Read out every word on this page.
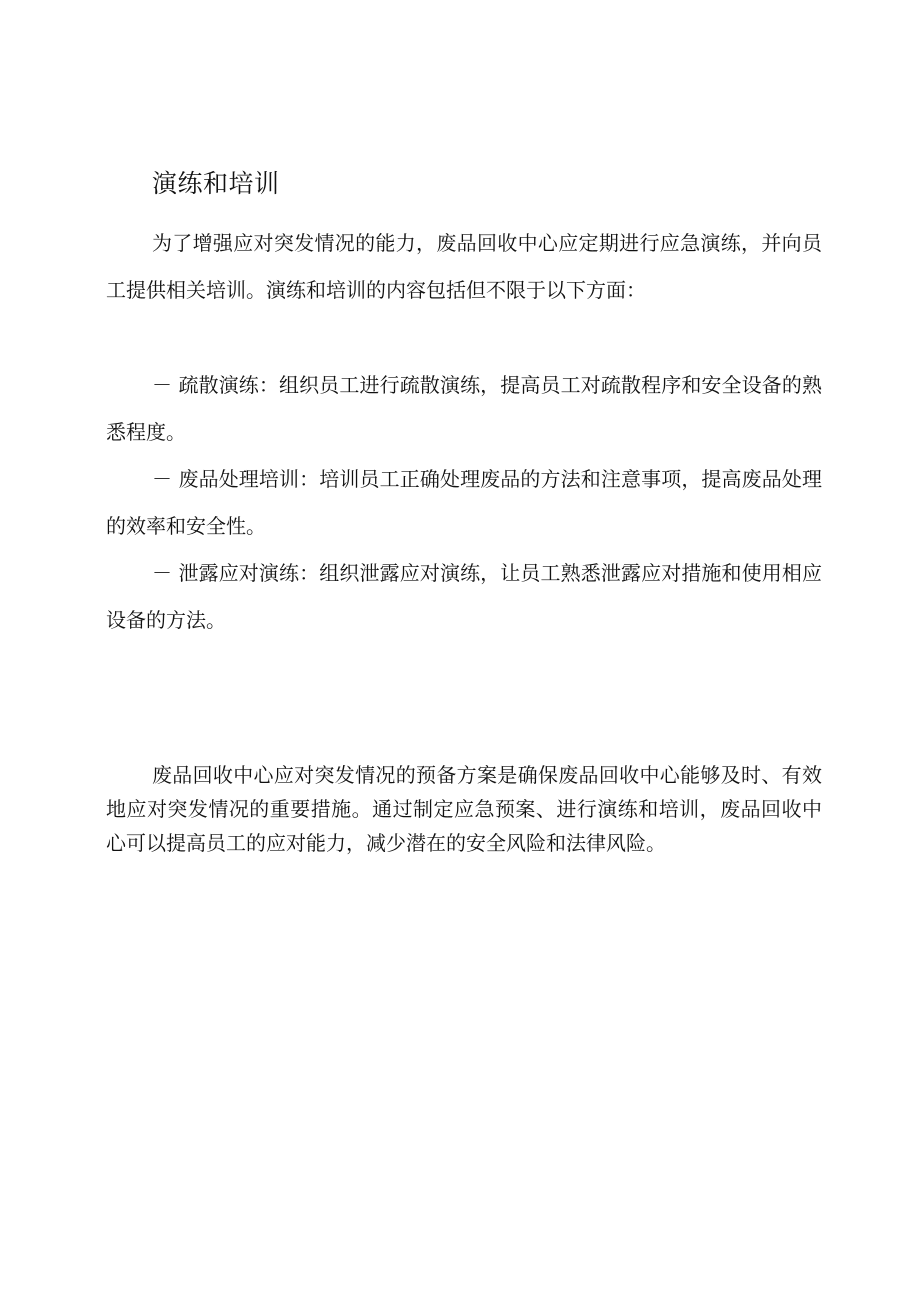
演练和培训

为了增强应对突发情况的能力，废品回收中心应定期进行应急演练，并向员工提供相关培训。演练和培训的内容包括但不限于以下方面：

－ 疏散演练：组织员工进行疏散演练，提高员工对疏散程序和安全设备的熟悉程度。

－ 废品处理培训：培训员工正确处理废品的方法和注意事项，提高废品处理的效率和安全性。

－ 泄露应对演练：组织泄露应对演练，让员工熟悉泄露应对措施和使用相应设备的方法。

废品回收中心应对突发情况的预备方案是确保废品回收中心能够及时、有效地应对突发情况的重要措施。通过制定应急预案、进行演练和培训，废品回收中心可以提高员工的应对能力，减少潜在的安全风险和法律风险。
